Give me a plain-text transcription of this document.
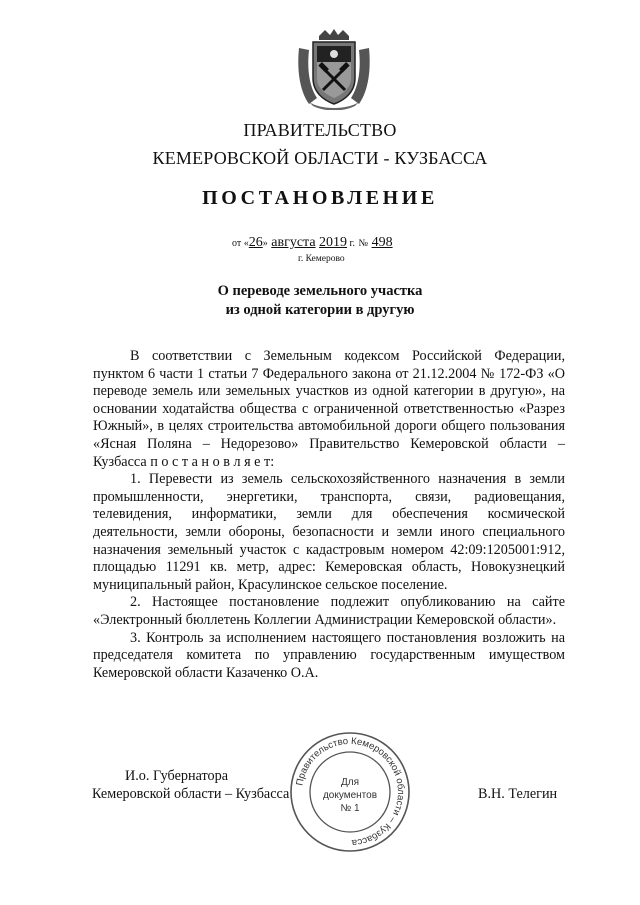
ПРАВИТЕЛЬСТВО
КЕМЕРОВСКОЙ ОБЛАСТИ - КУЗБАССА
ПОСТАНОВЛЕНИЕ
от «26» августа 2019 г. № 498
г. Кемерово
О переводе земельного участка
из одной категории в другую

В соответствии с Земельным кодексом Российской Федерации, пунктом 6 части 1 статьи 7 Федерального закона от 21.12.2004 № 172-ФЗ «О переводе земель или земельных участков из одной категории в другую», на основании ходатайства общества с ограниченной ответственностью «Разрез Южный», в целях строительства автомобильной дороги общего пользования «Ясная Поляна – Недорезово» Правительство Кемеровской области – Кузбасса п о с т а н о в л я е т:

1. Перевести из земель сельскохозяйственного назначения в земли промышленности, энергетики, транспорта, связи, радиовещания, телевидения, информатики, земли для обеспечения космической деятельности, земли обороны, безопасности и земли иного специального назначения земельный участок с кадастровым номером 42:09:1205001:912, площадью 11291 кв. метр, адрес: Кемеровская область, Новокузнецкий муниципальный район, Красулинское сельское поселение.

2. Настоящее постановление подлежит опубликованию на сайте «Электронный бюллетень Коллегии Администрации Кемеровской области».

3. Контроль за исполнением настоящего постановления возложить на председателя комитета по управлению государственным имуществом Кемеровской области Казаченко О.А.

И.о. Губернатора
Кемеровской области – Кузбасса	В.Н. Телегин
Правительство Кемеровской области – Кузбасса
Для
документов
№ 1
